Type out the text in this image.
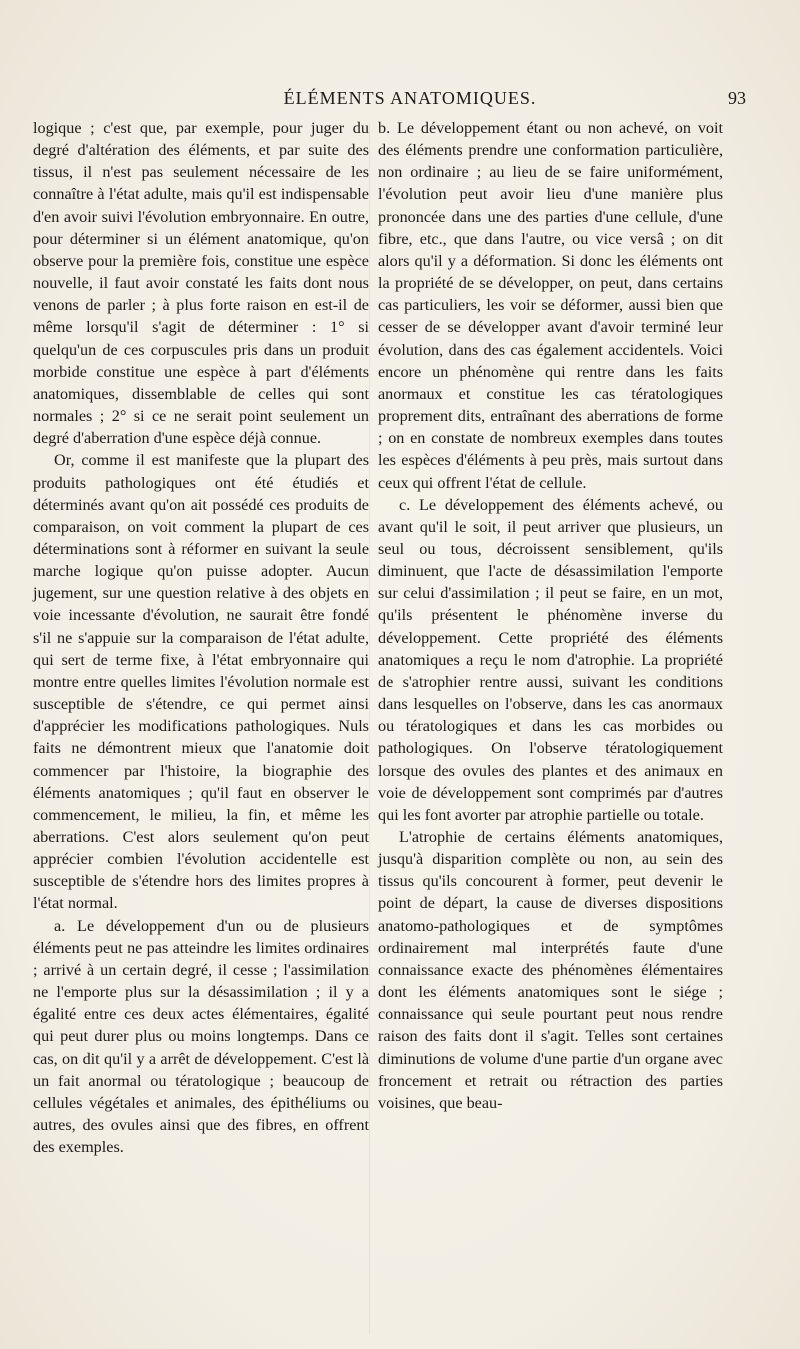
ÉLÉMENTS ANATOMIQUES.	93

logique ; c'est que, par exemple, pour juger du degré d'altération des éléments, et par suite des tissus, il n'est pas seulement nécessaire de les connaître à l'état adulte, mais qu'il est indispensable d'en avoir suivi l'évolution embryonnaire. En outre, pour déterminer si un élément anatomique, qu'on observe pour la première fois, constitue une espèce nouvelle, il faut avoir constaté les faits dont nous venons de parler ; à plus forte raison en est-il de même lorsqu'il s'agit de déterminer : 1° si quelqu'un de ces corpuscules pris dans un produit morbide constitue une espèce à part d'éléments anatomiques, dissemblable de celles qui sont normales ; 2° si ce ne serait point seulement un degré d'aberration d'une espèce déjà connue.

Or, comme il est manifeste que la plupart des produits pathologiques ont été étudiés et déterminés avant qu'on ait possédé ces produits de comparaison, on voit comment la plupart de ces déterminations sont à réformer en suivant la seule marche logique qu'on puisse adopter. Aucun jugement, sur une question relative à des objets en voie incessante d'évolution, ne saurait être fondé s'il ne s'appuie sur la comparaison de l'état adulte, qui sert de terme fixe, à l'état embryonnaire qui montre entre quelles limites l'évolution normale est susceptible de s'étendre, ce qui permet ainsi d'apprécier les modifications pathologiques. Nuls faits ne démontrent mieux que l'anatomie doit commencer par l'histoire, la biographie des éléments anatomiques ; qu'il faut en observer le commencement, le milieu, la fin, et même les aberrations. C'est alors seulement qu'on peut apprécier combien l'évolution accidentelle est susceptible de s'étendre hors des limites propres à l'état normal.

a. Le développement d'un ou de plusieurs éléments peut ne pas atteindre les limites ordinaires ; arrivé à un certain degré, il cesse ; l'assimilation ne l'emporte plus sur la désassimilation ; il y a égalité entre ces deux actes élémentaires, égalité qui peut durer plus ou moins longtemps. Dans ce cas, on dit qu'il y a arrêt de développement. C'est là un fait anormal ou tératologique ; beaucoup de cellules végétales et animales, des épithéliums ou autres, des ovules ainsi que des fibres, en offrent des exemples.

b. Le développement étant ou non achevé, on voit des éléments prendre une conformation particulière, non ordinaire ; au lieu de se faire uniformément, l'évolution peut avoir lieu d'une manière plus prononcée dans une des parties d'une cellule, d'une fibre, etc., que dans l'autre, ou vice versâ ; on dit alors qu'il y a déformation. Si donc les éléments ont la propriété de se développer, on peut, dans certains cas particuliers, les voir se déformer, aussi bien que cesser de se développer avant d'avoir terminé leur évolution, dans des cas également accidentels. Voici encore un phénomène qui rentre dans les faits anormaux et constitue les cas tératologiques proprement dits, entraînant des aberrations de forme ; on en constate de nombreux exemples dans toutes les espèces d'éléments à peu près, mais surtout dans ceux qui offrent l'état de cellule.

c. Le développement des éléments achevé, ou avant qu'il le soit, il peut arriver que plusieurs, un seul ou tous, décroissent sensiblement, qu'ils diminuent, que l'acte de désassimilation l'emporte sur celui d'assimilation ; il peut se faire, en un mot, qu'ils présentent le phénomène inverse du développement. Cette propriété des éléments anatomiques a reçu le nom d'atrophie. La propriété de s'atrophier rentre aussi, suivant les conditions dans lesquelles on l'observe, dans les cas anormaux ou tératologiques et dans les cas morbides ou pathologiques. On l'observe tératologiquement lorsque des ovules des plantes et des animaux en voie de développement sont comprimés par d'autres qui les font avorter par atrophie partielle ou totale.

L'atrophie de certains éléments anatomiques, jusqu'à disparition complète ou non, au sein des tissus qu'ils concourent à former, peut devenir le point de départ, la cause de diverses dispositions anatomo-pathologiques et de symptômes ordinairement mal interprétés faute d'une connaissance exacte des phénomènes élémentaires dont les éléments anatomiques sont le siége ; connaissance qui seule pourtant peut nous rendre raison des faits dont il s'agit. Telles sont certaines diminutions de volume d'une partie d'un organe avec froncement et retrait ou rétraction des parties voisines, que beau-
